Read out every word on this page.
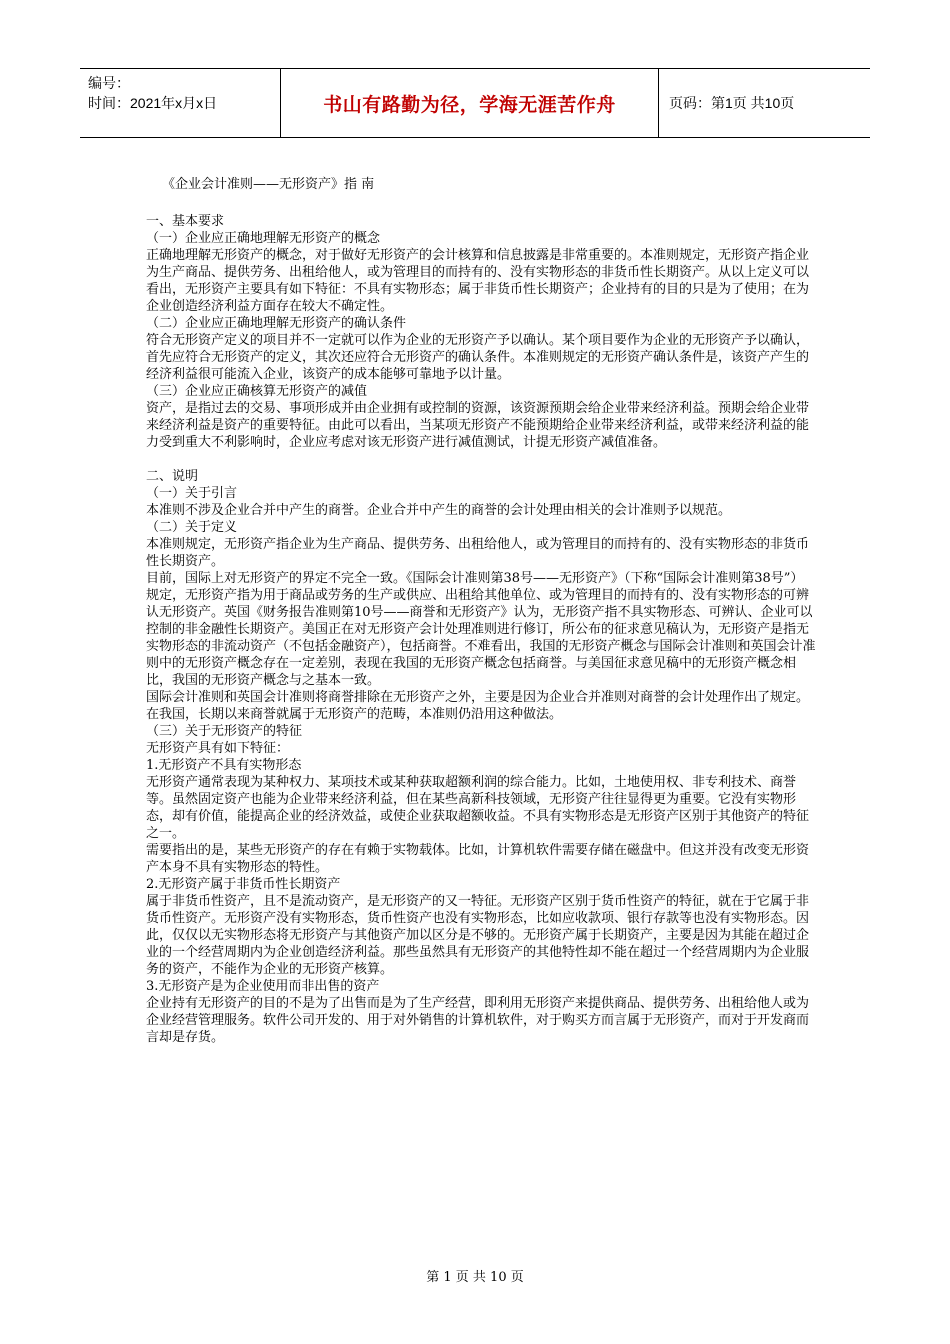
编号：
时间：2021年x月x日	书山有路勤为径，学海无涯苦作舟	页码：第1页 共10页

《企业会计准则——无形资产》指 南

一、基本要求

（一）企业应正确地理解无形资产的概念

正确地理解无形资产的概念，对于做好无形资产的会计核算和信息披露是非常重要的。本准则规定，无形资产指企业为生产商品、提供劳务、出租给他人，或为管理目的而持有的、没有实物形态的非货币性长期资产。从以上定义可以看出，无形资产主要具有如下特征：不具有实物形态；属于非货币性长期资产；企业持有的目的只是为了使用；在为企业创造经济利益方面存在较大不确定性。

（二）企业应正确地理解无形资产的确认条件

符合无形资产定义的项目并不一定就可以作为企业的无形资产予以确认。某个项目要作为企业的无形资产予以确认，首先应符合无形资产的定义，其次还应符合无形资产的确认条件。本准则规定的无形资产确认条件是，该资产产生的经济利益很可能流入企业，该资产的成本能够可靠地予以计量。

（三）企业应正确核算无形资产的减值

资产，是指过去的交易、事项形成并由企业拥有或控制的资源，该资源预期会给企业带来经济利益。预期会给企业带来经济利益是资产的重要特征。由此可以看出，当某项无形资产不能预期给企业带来经济利益，或带来经济利益的能力受到重大不利影响时，企业应考虑对该无形资产进行减值测试，计提无形资产减值准备。

二、说明

（一）关于引言

本准则不涉及企业合并中产生的商誉。企业合并中产生的商誉的会计处理由相关的会计准则予以规范。

（二）关于定义

本准则规定，无形资产指企业为生产商品、提供劳务、出租给他人，或为管理目的而持有的、没有实物形态的非货币性长期资产。

目前，国际上对无形资产的界定不完全一致。《国际会计准则第38号——无形资产》（下称“国际会计准则第38号”）规定，无形资产指为用于商品或劳务的生产或供应、出租给其他单位、或为管理目的而持有的、没有实物形态的可辨认无形资产。英国《财务报告准则第10号——商誉和无形资产》认为，无形资产指不具实物形态、可辨认、企业可以控制的非金融性长期资产。美国正在对无形资产会计处理准则进行修订，所公布的征求意见稿认为，无形资产是指无实物形态的非流动资产（不包括金融资产），包括商誉。不难看出，我国的无形资产概念与国际会计准则和英国会计准则中的无形资产概念存在一定差别，表现在我国的无形资产概念包括商誉。与美国征求意见稿中的无形资产概念相比，我国的无形资产概念与之基本一致。

国际会计准则和英国会计准则将商誉排除在无形资产之外，主要是因为企业合并准则对商誉的会计处理作出了规定。在我国，长期以来商誉就属于无形资产的范畴，本准则仍沿用这种做法。

（三）关于无形资产的特征

无形资产具有如下特征：

1.无形资产不具有实物形态

无形资产通常表现为某种权力、某项技术或某种获取超额利润的综合能力。比如，土地使用权、非专利技术、商誉等。虽然固定资产也能为企业带来经济利益，但在某些高新科技领域，无形资产往往显得更为重要。它没有实物形态，却有价值，能提高企业的经济效益，或使企业获取超额收益。不具有实物形态是无形资产区别于其他资产的特征之一。

需要指出的是，某些无形资产的存在有赖于实物载体。比如，计算机软件需要存储在磁盘中。但这并没有改变无形资产本身不具有实物形态的特性。

2.无形资产属于非货币性长期资产

属于非货币性资产，且不是流动资产，是无形资产的又一特征。无形资产区别于货币性资产的特征，就在于它属于非货币性资产。无形资产没有实物形态，货币性资产也没有实物形态，比如应收款项、银行存款等也没有实物形态。因此，仅仅以无实物形态将无形资产与其他资产加以区分是不够的。无形资产属于长期资产，主要是因为其能在超过企业的一个经营周期内为企业创造经济利益。那些虽然具有无形资产的其他特性却不能在超过一个经营周期内为企业服务的资产，不能作为企业的无形资产核算。

3.无形资产是为企业使用而非出售的资产

企业持有无形资产的目的不是为了出售而是为了生产经营，即利用无形资产来提供商品、提供劳务、出租给他人或为企业经营管理服务。软件公司开发的、用于对外销售的计算机软件，对于购买方而言属于无形资产，而对于开发商而言却是存货。

第 1 页 共 10 页
